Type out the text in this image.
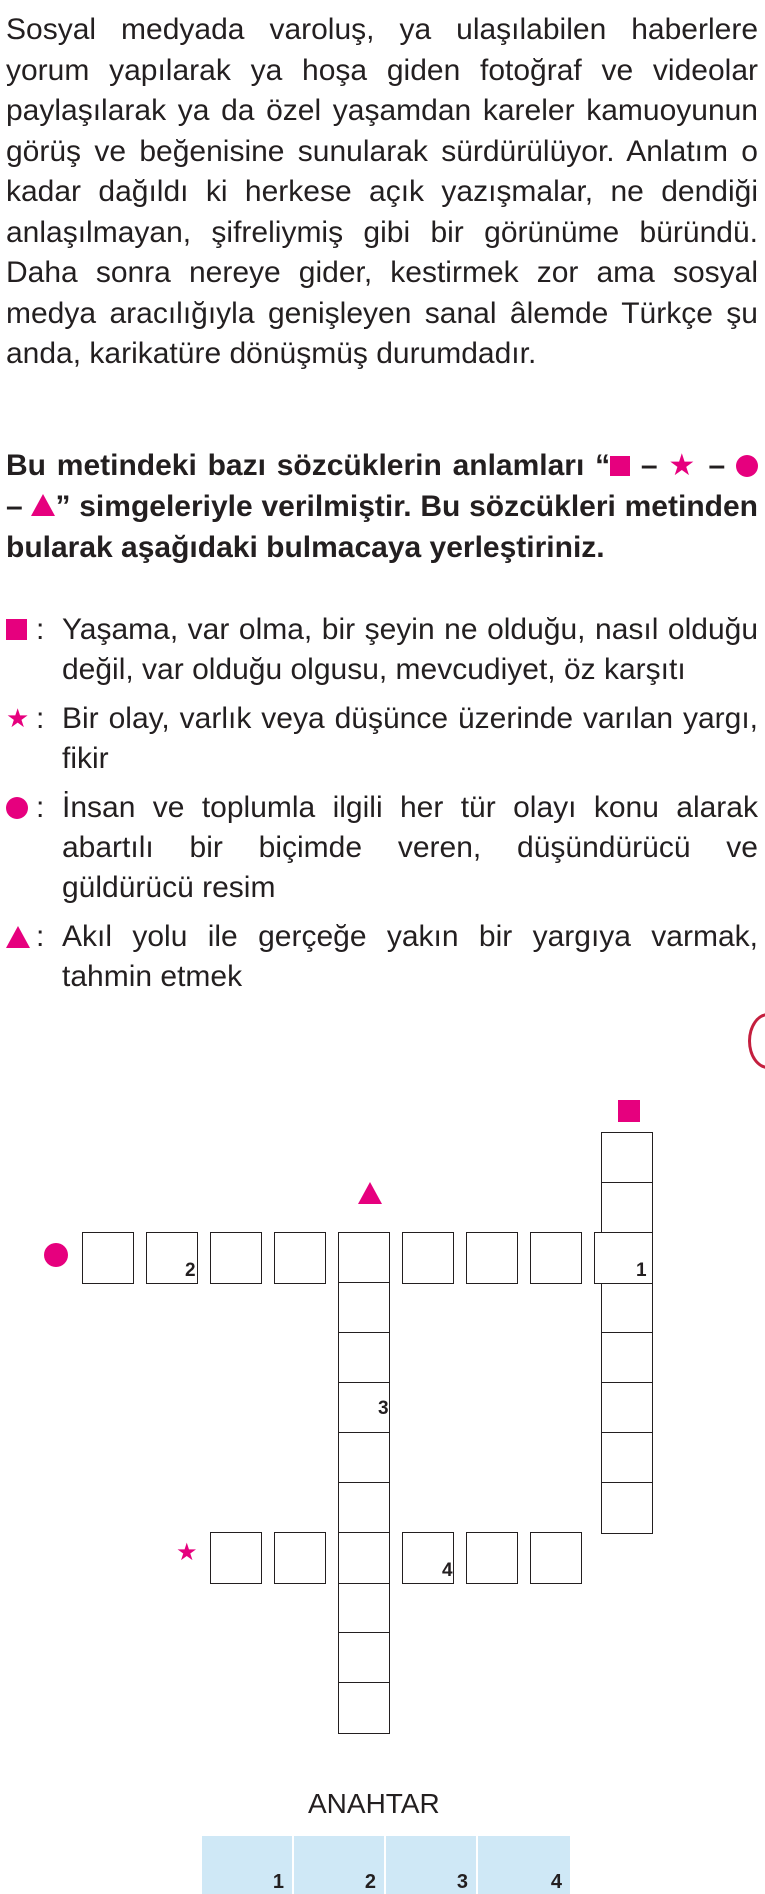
Sosyal medyada varoluş, ya ulaşılabilen haberlere yorum yapılarak ya hoşa giden fotoğraf ve videolar paylaşılarak ya da özel yaşamdan kareler kamuoyunun görüş ve beğenisine sunularak sürdürülüyor. Anlatım o kadar dağıldı ki herkese açık yazışmalar, ne dendiği anlaşılmayan, şifreliymiş gibi bir görünüme büründü. Daha sonra nereye gider, kestirmek zor ama sosyal medya aracılığıyla genişleyen sanal âlemde Türkçe şu anda, karikatüre dönüşmüş durumdadır.

Bu metindeki bazı sözcüklerin anlamları “ – ★ –  – ” simgeleriyle verilmiştir. Bu sözcükleri metinden bularak aşağıdaki bulmacaya yerleştiriniz.

: Yaşama, var olma, bir şeyin ne olduğu, nasıl olduğu değil, var olduğu olgusu, mevcudiyet, öz karşıtı
★ : Bir olay, varlık veya düşünce üzerinde varılan yargı, fikir
: İnsan ve toplumla ilgili her tür olayı konu alarak abartılı bir biçimde veren, düşündürücü ve güldürücü resim
: Akıl yolu ile gerçeğe yakın bir yargıya varmak, tahmin etmek
2	1
3
★
4
ANAHTAR
1	2	3	4
